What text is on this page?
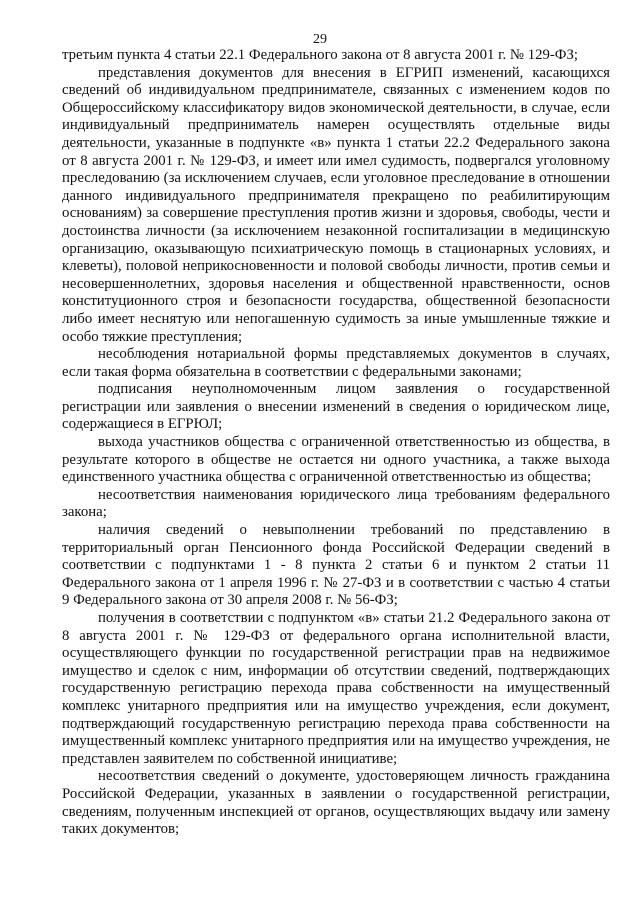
29

третьим пункта 4 статьи 22.1 Федерального закона от 8 августа 2001 г. № 129-ФЗ;

представления документов для внесения в ЕГРИП изменений, касающихся сведений об индивидуальном предпринимателе, связанных с изменением кодов по Общероссийскому классификатору видов экономической деятельности, в случае, если индивидуальный предприниматель намерен осуществлять отдельные виды деятельности, указанные в подпункте «в» пункта 1 статьи 22.2 Федерального закона от 8 августа 2001 г. № 129-ФЗ, и имеет или имел судимость, подвергался уголовному преследованию (за исключением случаев, если уголовное преследование в отношении данного индивидуального предпринимателя прекращено по реабилитирующим основаниям) за совершение преступления против жизни и здоровья, свободы, чести и достоинства личности (за исключением незаконной госпитализации в медицинскую организацию, оказывающую психиатрическую помощь в стационарных условиях, и клеветы), половой неприкосновенности и половой свободы личности, против семьи и несовершеннолетних, здоровья населения и общественной нравственности, основ конституционного строя и безопасности государства, общественной безопасности либо имеет неснятую или непогашенную судимость за иные умышленные тяжкие и особо тяжкие преступления;

несоблюдения нотариальной формы представляемых документов в случаях, если такая форма обязательна в соответствии с федеральными законами;

подписания неуполномоченным лицом заявления о государственной регистрации или заявления о внесении изменений в сведения о юридическом лице, содержащиеся в ЕГРЮЛ;

выхода участников общества с ограниченной ответственностью из общества, в результате которого в обществе не остается ни одного участника, а также выхода единственного участника общества с ограниченной ответственностью из общества;

несоответствия наименования юридического лица требованиям федерального закона;

наличия сведений о невыполнении требований по представлению в территориальный орган Пенсионного фонда Российской Федерации сведений в соответствии с подпунктами 1 - 8 пункта 2 статьи 6 и пунктом 2 статьи 11 Федерального закона от 1 апреля 1996 г. № 27-ФЗ и в соответствии с частью 4 статьи 9 Федерального закона от 30 апреля 2008 г. № 56-ФЗ;

получения в соответствии с подпунктом «в» статьи 21.2 Федерального закона от 8 августа 2001 г. № 129-ФЗ от федерального органа исполнительной власти, осуществляющего функции по государственной регистрации прав на недвижимое имущество и сделок с ним, информации об отсутствии сведений, подтверждающих государственную регистрацию перехода права собственности на имущественный комплекс унитарного предприятия или на имущество учреждения, если документ, подтверждающий государственную регистрацию перехода права собственности на имущественный комплекс унитарного предприятия или на имущество учреждения, не представлен заявителем по собственной инициативе;

несоответствия сведений о документе, удостоверяющем личность гражданина Российской Федерации, указанных в заявлении о государственной регистрации, сведениям, полученным инспекцией от органов, осуществляющих выдачу или замену таких документов;
